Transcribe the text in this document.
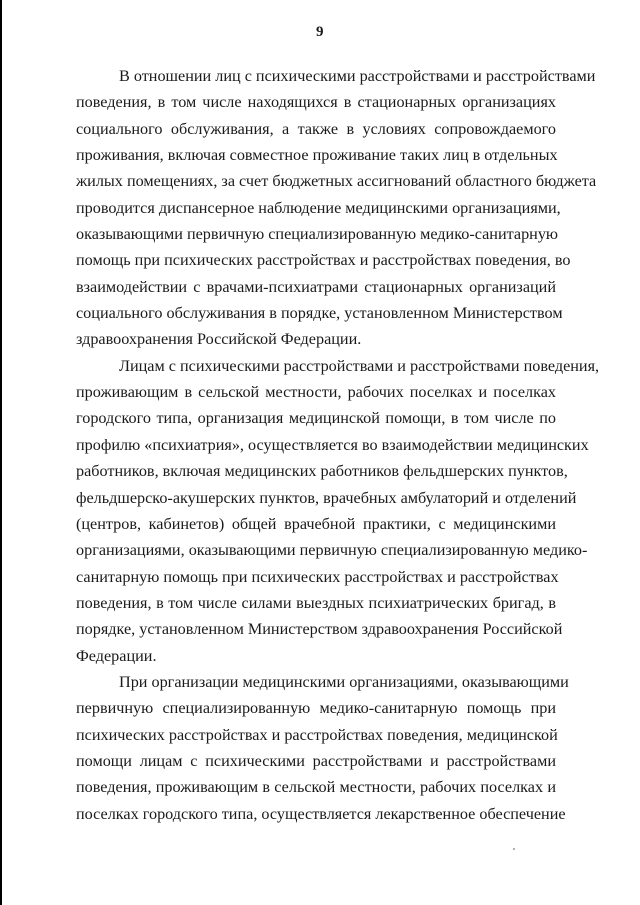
9
В отношении лиц с психическими расстройствами и расстройствами
поведения, в том числе находящихся в стационарных организациях
социального обслуживания, а также в условиях сопровождаемого
проживания, включая совместное проживание таких лиц в отдельных
жилых помещениях, за счет бюджетных ассигнований областного бюджета
проводится диспансерное наблюдение медицинскими организациями,
оказывающими первичную специализированную медико-санитарную
помощь при психических расстройствах и расстройствах поведения, во
взаимодействии с врачами-психиатрами стационарных организаций
социального обслуживания в порядке, установленном Министерством
здравоохранения Российской Федерации.
Лицам с психическими расстройствами и расстройствами поведения,
проживающим в сельской местности, рабочих поселках и поселках
городского типа, организация медицинской помощи, в том числе по
профилю «психиатрия», осуществляется во взаимодействии медицинских
работников, включая медицинских работников фельдшерских пунктов,
фельдшерско-акушерских пунктов, врачебных амбулаторий и отделений
(центров, кабинетов) общей врачебной практики, с медицинскими
организациями, оказывающими первичную специализированную медико-
санитарную помощь при психических расстройствах и расстройствах
поведения, в том числе силами выездных психиатрических бригад, в
порядке, установленном Министерством здравоохранения Российской
Федерации.
При организации медицинскими организациями, оказывающими
первичную специализированную медико-санитарную помощь при
психических расстройствах и расстройствах поведения, медицинской
помощи лицам с психическими расстройствами и расстройствами
поведения, проживающим в сельской местности, рабочих поселках и
поселках городского типа, осуществляется лекарственное обеспечение
